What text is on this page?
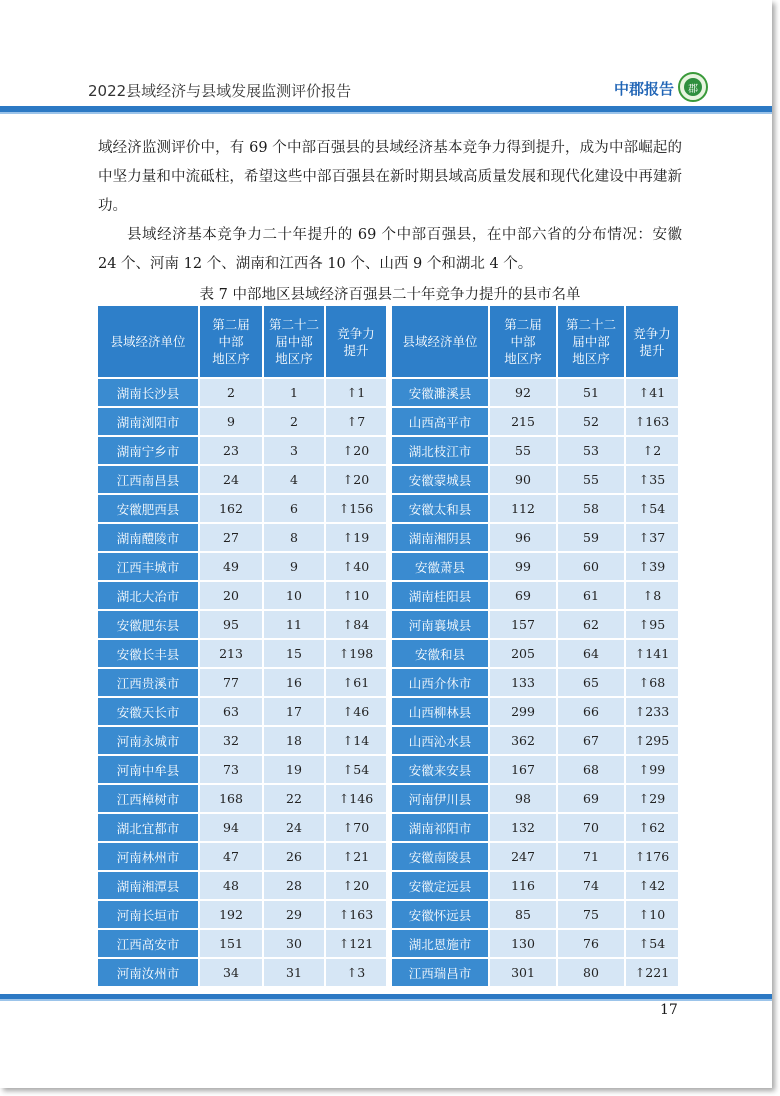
2022县域经济与县域发展监测评价报告	中郡报告	郡

域经济监测评价中，有 69 个中部百强县的县域经济基本竞争力得到提升，成为中部崛起的中坚力量和中流砥柱，希望这些中部百强县在新时期县域高质量发展和现代化建设中再建新功。

县域经济基本竞争力二十年提升的 69 个中部百强县，在中部六省的分布情况：安徽 24 个、河南 12 个、湖南和江西各 10 个、山西 9 个和湖北 4 个。

表 7 中部地区县域经济百强县二十年竞争力提升的县市名单
县域经济单位	第二届
中部
地区序	第二十二
届中部
地区序	竞争力
提升
湖南长沙县	2	1	↑1
湖南浏阳市	9	2	↑7
湖南宁乡市	23	3	↑20
江西南昌县	24	4	↑20
安徽肥西县	162	6	↑156
湖南醴陵市	27	8	↑19
江西丰城市	49	9	↑40
湖北大冶市	20	10	↑10
安徽肥东县	95	11	↑84
安徽长丰县	213	15	↑198
江西贵溪市	77	16	↑61
安徽天长市	63	17	↑46
河南永城市	32	18	↑14
河南中牟县	73	19	↑54
江西樟树市	168	22	↑146
湖北宜都市	94	24	↑70
河南林州市	47	26	↑21
湖南湘潭县	48	28	↑20
河南长垣市	192	29	↑163
江西高安市	151	30	↑121
河南汝州市	34	31	↑3
县域经济单位	第二届
中部
地区序	第二十二
届中部
地区序	竞争力
提升
安徽濉溪县	92	51	↑41
山西高平市	215	52	↑163
湖北枝江市	55	53	↑2
安徽蒙城县	90	55	↑35
安徽太和县	112	58	↑54
湖南湘阴县	96	59	↑37
安徽萧县	99	60	↑39
湖南桂阳县	69	61	↑8
河南襄城县	157	62	↑95
安徽和县	205	64	↑141
山西介休市	133	65	↑68
山西柳林县	299	66	↑233
山西沁水县	362	67	↑295
安徽来安县	167	68	↑99
河南伊川县	98	69	↑29
湖南祁阳市	132	70	↑62
安徽南陵县	247	71	↑176
安徽定远县	116	74	↑42
安徽怀远县	85	75	↑10
湖北恩施市	130	76	↑54
江西瑞昌市	301	80	↑221
17
